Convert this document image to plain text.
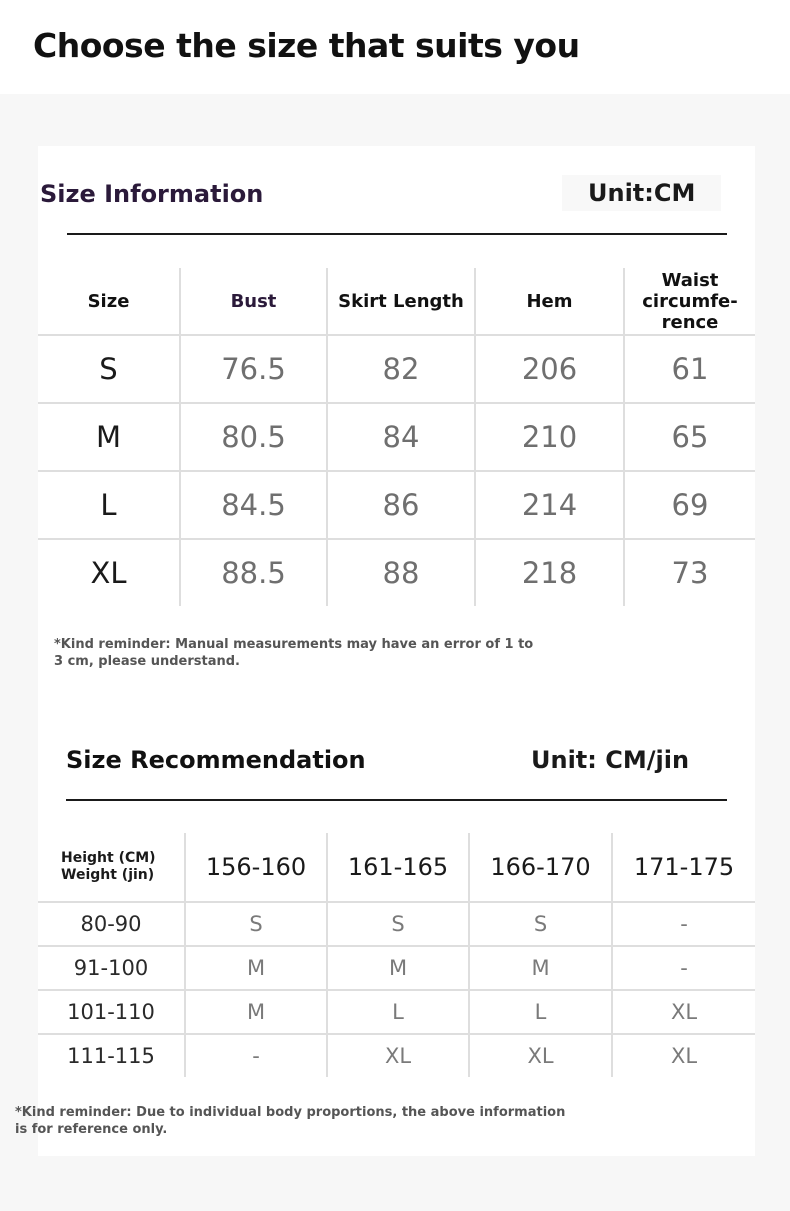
Choose the size that suits you
Size Information	Unit:CM
Size	Bust	Skirt Length	Hem	Waist circumfe-rence
S	76.5	82	206	61
M	80.5	84	210	65
L	84.5	86	214	69
XL	88.5	88	218	73

*Kind reminder: Manual measurements may have an error of 1 to 3 cm, please understand.

Size Recommendation	Unit: CM/jin
Height (CM)
Weight (jin)	156-160	161-165	166-170	171-175
80-90	S	S	S	-
91-100	M	M	M	-
101-110	M	L	L	XL
111-115	-	XL	XL	XL

*Kind reminder: Due to individual body proportions, the above information is for reference only.
